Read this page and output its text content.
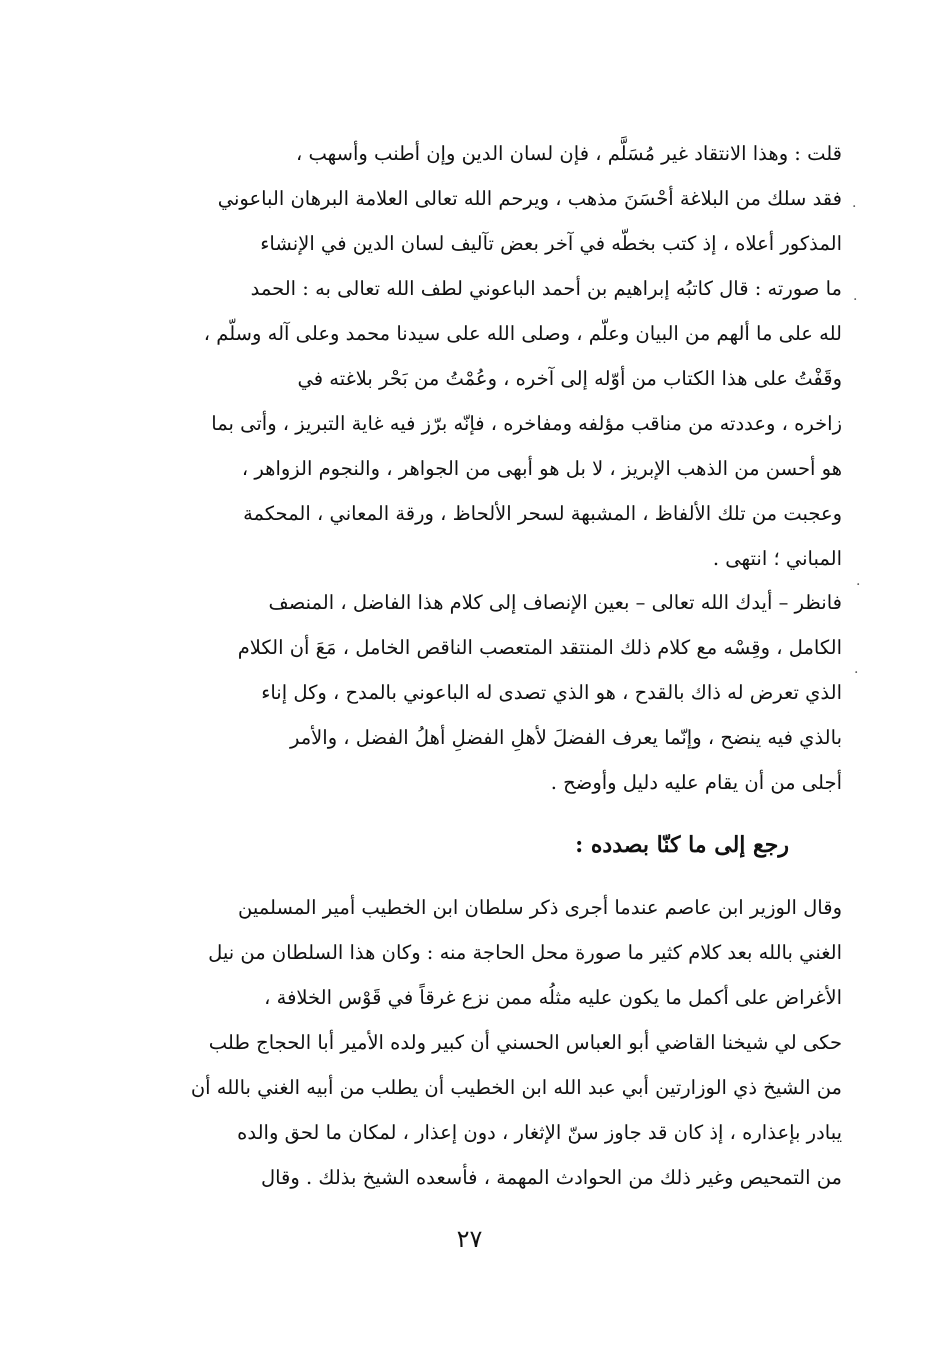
قلت : وهذا الانتقاد غير مُسَلَّم ، فإن لسان الدين وإن أطنب وأسهب ،
فقد سلك من البلاغة أحْسَنَ مذهب ، ويرحم الله تعالى العلامة البرهان الباعوني
المذكور أعلاه ، إذ كتب بخطّه في آخر بعض تآليف لسان الدين في الإنشاء
ما صورته : قال كاتبُه إبراهيم بن أحمد الباعوني لطف الله تعالى به : الحمد
لله على ما ألهم من البيان وعلّم ، وصلى الله على سيدنا محمد وعلى آله وسلّم ،
وقَفْتُ على هذا الكتاب من أوّله إلى آخره ، وعُمْتُ من بَحْر بلاغته في
زاخره ، وعددته من مناقب مؤلفه ومفاخره ، فإنّه برّز فيه غاية التبريز ، وأتى بما
هو أحسن من الذهب الإبريز ، لا بل هو أبهى من الجواهر ، والنجوم الزواهر ،
وعجبت من تلك الألفاظ ، المشبهة لسحر الألحاظ ، ورقة المعاني ، المحكمة
المباني ؛ انتهى .
فانظر – أيدك الله تعالى – بعين الإنصاف إلى كلام هذا الفاضل ، المنصف
الكامل ، وقِسْه مع كلام ذلك المنتقد المتعصب الناقص الخامل ، مَعَ أن الكلام
الذي تعرض له ذاك بالقدح ، هو الذي تصدى له الباعوني بالمدح ، وكل إناء
بالذي فيه ينضح ، وإنّما يعرف الفضلَ لأهلِ الفضلِ أهلُ الفضل ، والأمر
أجلى من أن يقام عليه دليل وأوضح .
رجع إلى ما كنّا بصدده :
وقال الوزير ابن عاصم عندما أجرى ذكر سلطان ابن الخطيب أمير المسلمين
الغني بالله بعد كلام كثير ما صورة محل الحاجة منه : وكان هذا السلطان من نيل
الأغراض على أكمل ما يكون عليه مثلُه ممن نزع غرقاً في قَوْس الخلافة ،
حكى لي شيخنا القاضي أبو العباس الحسني أن كبير ولده الأمير أبا الحجاج طلب
من الشيخ ذي الوزارتين أبي عبد الله ابن الخطيب أن يطلب من أبيه الغني بالله أن
يبادر بإعذاره ، إذ كان قد جاوز سنّ الإثغار ، دون إعذار ، لمكان ما لحق والده
من التمحيص وغير ذلك من الحوادث المهمة ، فأسعده الشيخ بذلك . وقال
٢٧
·
·
·
·
